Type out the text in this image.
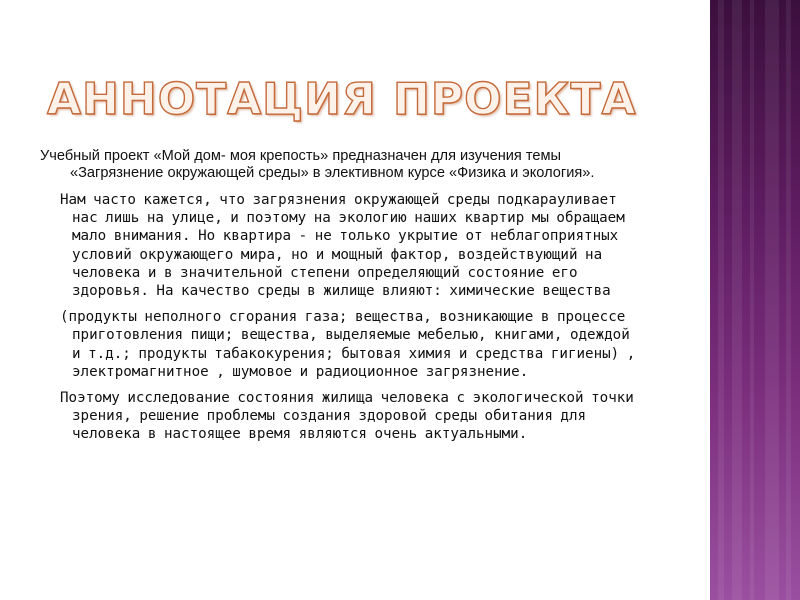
АННОТАЦИЯ ПРОЕКТА

Учебный проект «Мой дом- моя крепость» предназначен для изучения темы «Загрязнение окружающей среды» в элективном курсе «Физика и экология».

Нам часто кажется, что загрязнения окружающей среды подкарауливает нас лишь на улице, и поэтому на экологию наших квартир мы обращаем мало внимания. Но квартира - не только укрытие от неблагоприятных условий окружающего мира, но и мощный фактор, воздействующий на человека и в значительной степени определяющий состояние его здоровья. На качество среды в жилище влияют: химические вещества

(продукты неполного сгорания газа; вещества, возникающие в процессе приготовления пищи; вещества, выделяемые мебелью, книгами, одеждой и т.д.; продукты табакокурения; бытовая химия и средства гигиены) , электромагнитное , шумовое и радиоционное загрязнение.

Поэтому исследование состояния жилища человека с экологической точки зрения, решение проблемы создания здоровой среды обитания для человека в настоящее время являются очень актуальными.
